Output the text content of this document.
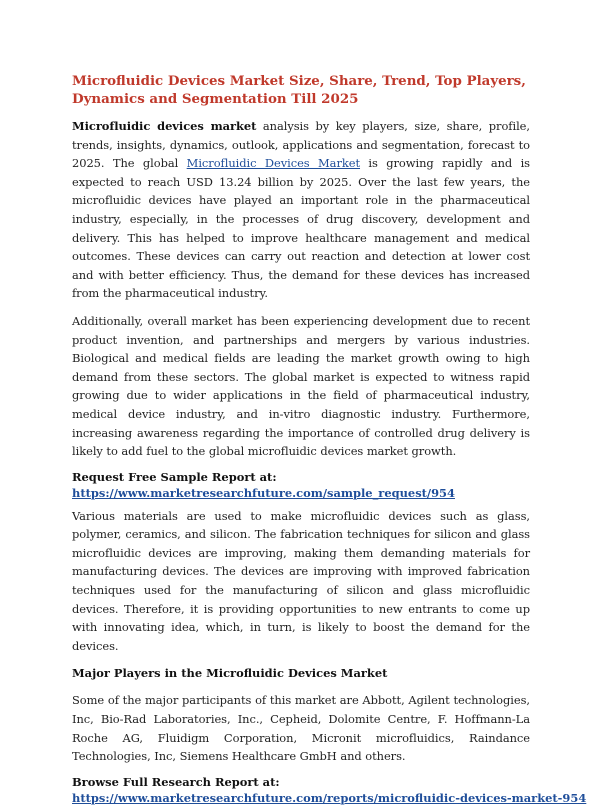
Microfluidic Devices Market Size, Share, Trend, Top Players, Dynamics and Segmentation Till 2025

Microfluidic devices market analysis by key players, size, share, profile, trends, insights, dynamics, outlook, applications and segmentation, forecast to 2025. The global Microfluidic Devices Market is growing rapidly and is expected to reach USD 13.24 billion by 2025. Over the last few years, the microfluidic devices have played an important role in the pharmaceutical industry, especially, in the processes of drug discovery, development and delivery. This has helped to improve healthcare management and medical outcomes. These devices can carry out reaction and detection at lower cost and with better efficiency. Thus, the demand for these devices has increased from the pharmaceutical industry.

Additionally, overall market has been experiencing development due to recent product invention, and partnerships and mergers by various industries. Biological and medical fields are leading the market growth owing to high demand from these sectors. The global market is expected to witness rapid growing due to wider applications in the field of pharmaceutical industry, medical device industry, and in-vitro diagnostic industry. Furthermore, increasing awareness regarding the importance of controlled drug delivery is likely to add fuel to the global microfluidic devices market growth.

Request Free Sample Report at:
https://www.marketresearchfuture.com/sample_request/954

Various materials are used to make microfluidic devices such as glass, polymer, ceramics, and silicon. The fabrication techniques for silicon and glass microfluidic devices are improving, making them demanding materials for manufacturing devices. The devices are improving with improved fabrication techniques used for the manufacturing of silicon and glass microfluidic devices. Therefore, it is providing opportunities to new entrants to come up with innovating idea, which, in turn, is likely to boost the demand for the devices.

Major Players in the Microfluidic Devices Market

Some of the major participants of this market are Abbott, Agilent technologies, Inc, Bio-Rad Laboratories, Inc., Cepheid, Dolomite Centre, F. Hoffmann-La Roche AG, Fluidigm Corporation, Micronit microfluidics, Raindance Technologies, Inc, Siemens Healthcare GmbH and others.

Browse Full Research Report at:
https://www.marketresearchfuture.com/reports/microfluidic-devices-market-954
